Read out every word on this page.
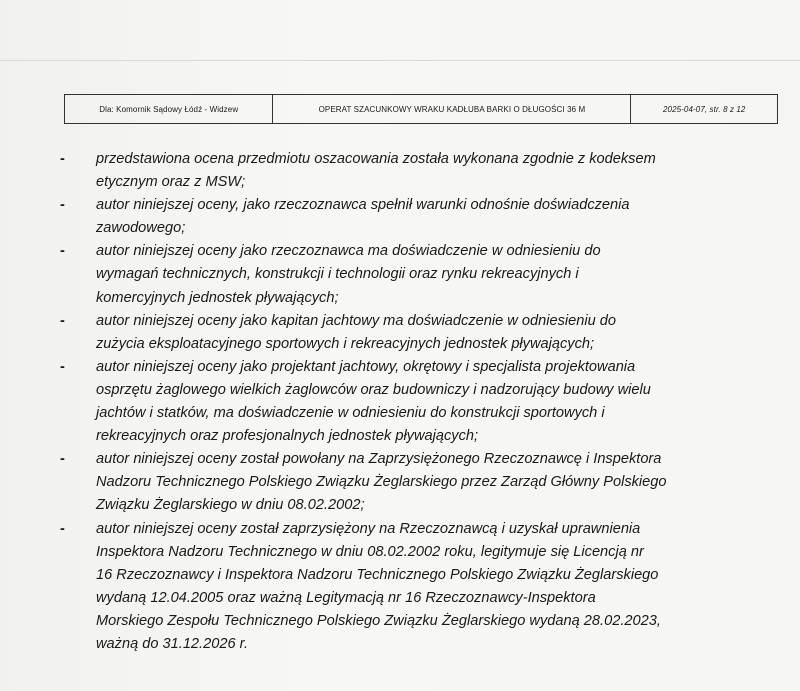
Dla: Komornik Sądowy Łódź - Widzew	OPERAT SZACUNKOWY WRAKU KADŁUBA BARKI O DŁUGOŚCI 36 M	2025-04-07, str. 8 z 12
-	przedstawiona ocena przedmiotu oszacowania została wykonana zgodnie z kodeksem
etycznym oraz z MSW;
-	autor niniejszej oceny, jako rzeczoznawca spełnił warunki odnośnie doświadczenia
zawodowego;
-	autor niniejszej oceny jako rzeczoznawca ma doświadczenie w odniesieniu do
wymagań technicznych, konstrukcji i technologii oraz rynku rekreacyjnych i
komercyjnych jednostek pływających;
-	autor niniejszej oceny jako kapitan jachtowy ma doświadczenie w odniesieniu do
zużycia eksploatacyjnego sportowych i rekreacyjnych jednostek pływających;
-	autor niniejszej oceny jako projektant jachtowy, okrętowy i specjalista projektowania
osprzętu żaglowego wielkich żaglowców oraz budowniczy i nadzorujący budowy wielu
jachtów i statków, ma doświadczenie w odniesieniu do konstrukcji sportowych i
rekreacyjnych oraz profesjonalnych jednostek pływających;
-	autor niniejszej oceny został powołany na Zaprzysiężonego Rzeczoznawcę i Inspektora
Nadzoru Technicznego Polskiego Związku Żeglarskiego przez Zarząd Główny Polskiego
Związku Żeglarskiego w dniu 08.02.2002;
-	autor niniejszej oceny został zaprzysiężony na Rzeczoznawcą i uzyskał uprawnienia
Inspektora Nadzoru Technicznego w dniu 08.02.2002 roku, legitymuje się Licencją nr
16 Rzeczoznawcy i Inspektora Nadzoru Technicznego Polskiego Związku Żeglarskiego
wydaną 12.04.2005 oraz ważną Legitymacją nr 16 Rzeczoznawcy-Inspektora
Morskiego Zespołu Technicznego Polskiego Związku Żeglarskiego wydaną 28.02.2023,
ważną do 31.12.2026 r.
